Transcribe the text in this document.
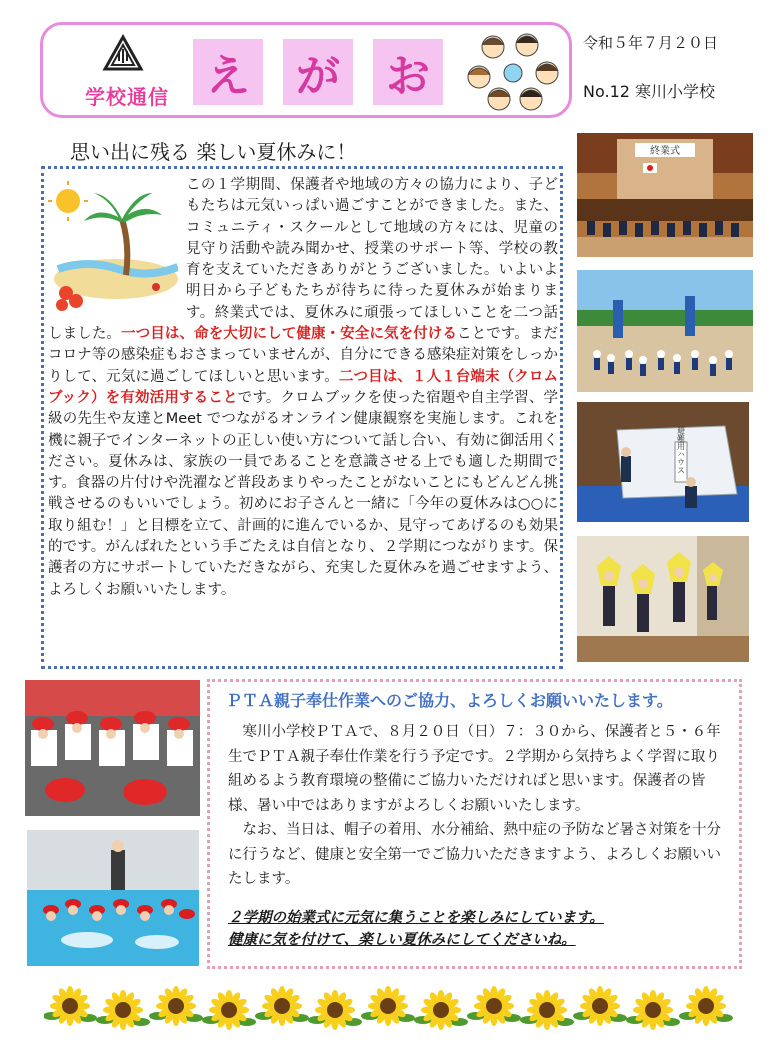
学校通信 え が お
令和５年７月２０日
No.12 寒川小学校
思い出に残る 楽しい夏休みに！
この１学期間、保護者や地域の方々の協力により、子どもたちは元気いっぱい過ごすことができました。また、コミュニティ・スクールとして地域の方々には、児童の見守り活動や読み聞かせ、授業のサポート等、学校の教育を支えていただきありがとうございました。いよいよ明日から子どもたちが待ちに待った夏休みが始まります。終業式では、夏休みに頑張ってほしいことを二つ話しました。一つ目は、命を大切にして健康・安全に気を付けることです。まだコロナ等の感染症もおさまっていませんが、自分にできる感染症対策をしっかりして、元気に過ごしてほしいと思います。二つ目は、１人１台端末（クロムブック）を有効活用することです。クロムブックを使った宿題や自主学習、学級の先生や友達とMeet でつながるオンライン健康観察を実施します。これを機に親子でインターネットの正しい使い方について話し合い、有効に御活用ください。夏休みは、家族の一員であることを意識させる上でも適した期間です。食器の片付けや洗濯など普段あまりやったことがないことにもどんどん挑戦させるのもいいでしょう。初めにお子さんと一緒に「今年の夏休みは○○に取り組む！」と目標を立て、計画的に進んでいるか、見守ってあげるのも効果的です。がんばれたという手ごたえは自信となり、２学期につながります。保護者の方にサポートしていただきながら、充実した夏休みを過ごせますよう、よろしくお願いいたします。
終業式
避難用ハウス
ＰＴＡ親子奉仕作業へのご協力、よろしくお願いいたします。

寒川小学校ＰＴＡで、８月２０日（日）７：３０から、保護者と５・６年生でＰＴＡ親子奉仕作業を行う予定です。２学期から気持ちよく学習に取り組めるよう教育環境の整備にご協力いただければと思います。保護者の皆様、暑い中ではありますがよろしくお願いいたします。

なお、当日は、帽子の着用、水分補給、熱中症の予防など暑さ対策を十分に行うなど、健康と安全第一でご協力いただきますよう、よろしくお願いいたします。

２学期の始業式に元気に集うことを楽しみにしています。
健康に気を付けて、楽しい夏休みにしてくださいね。
